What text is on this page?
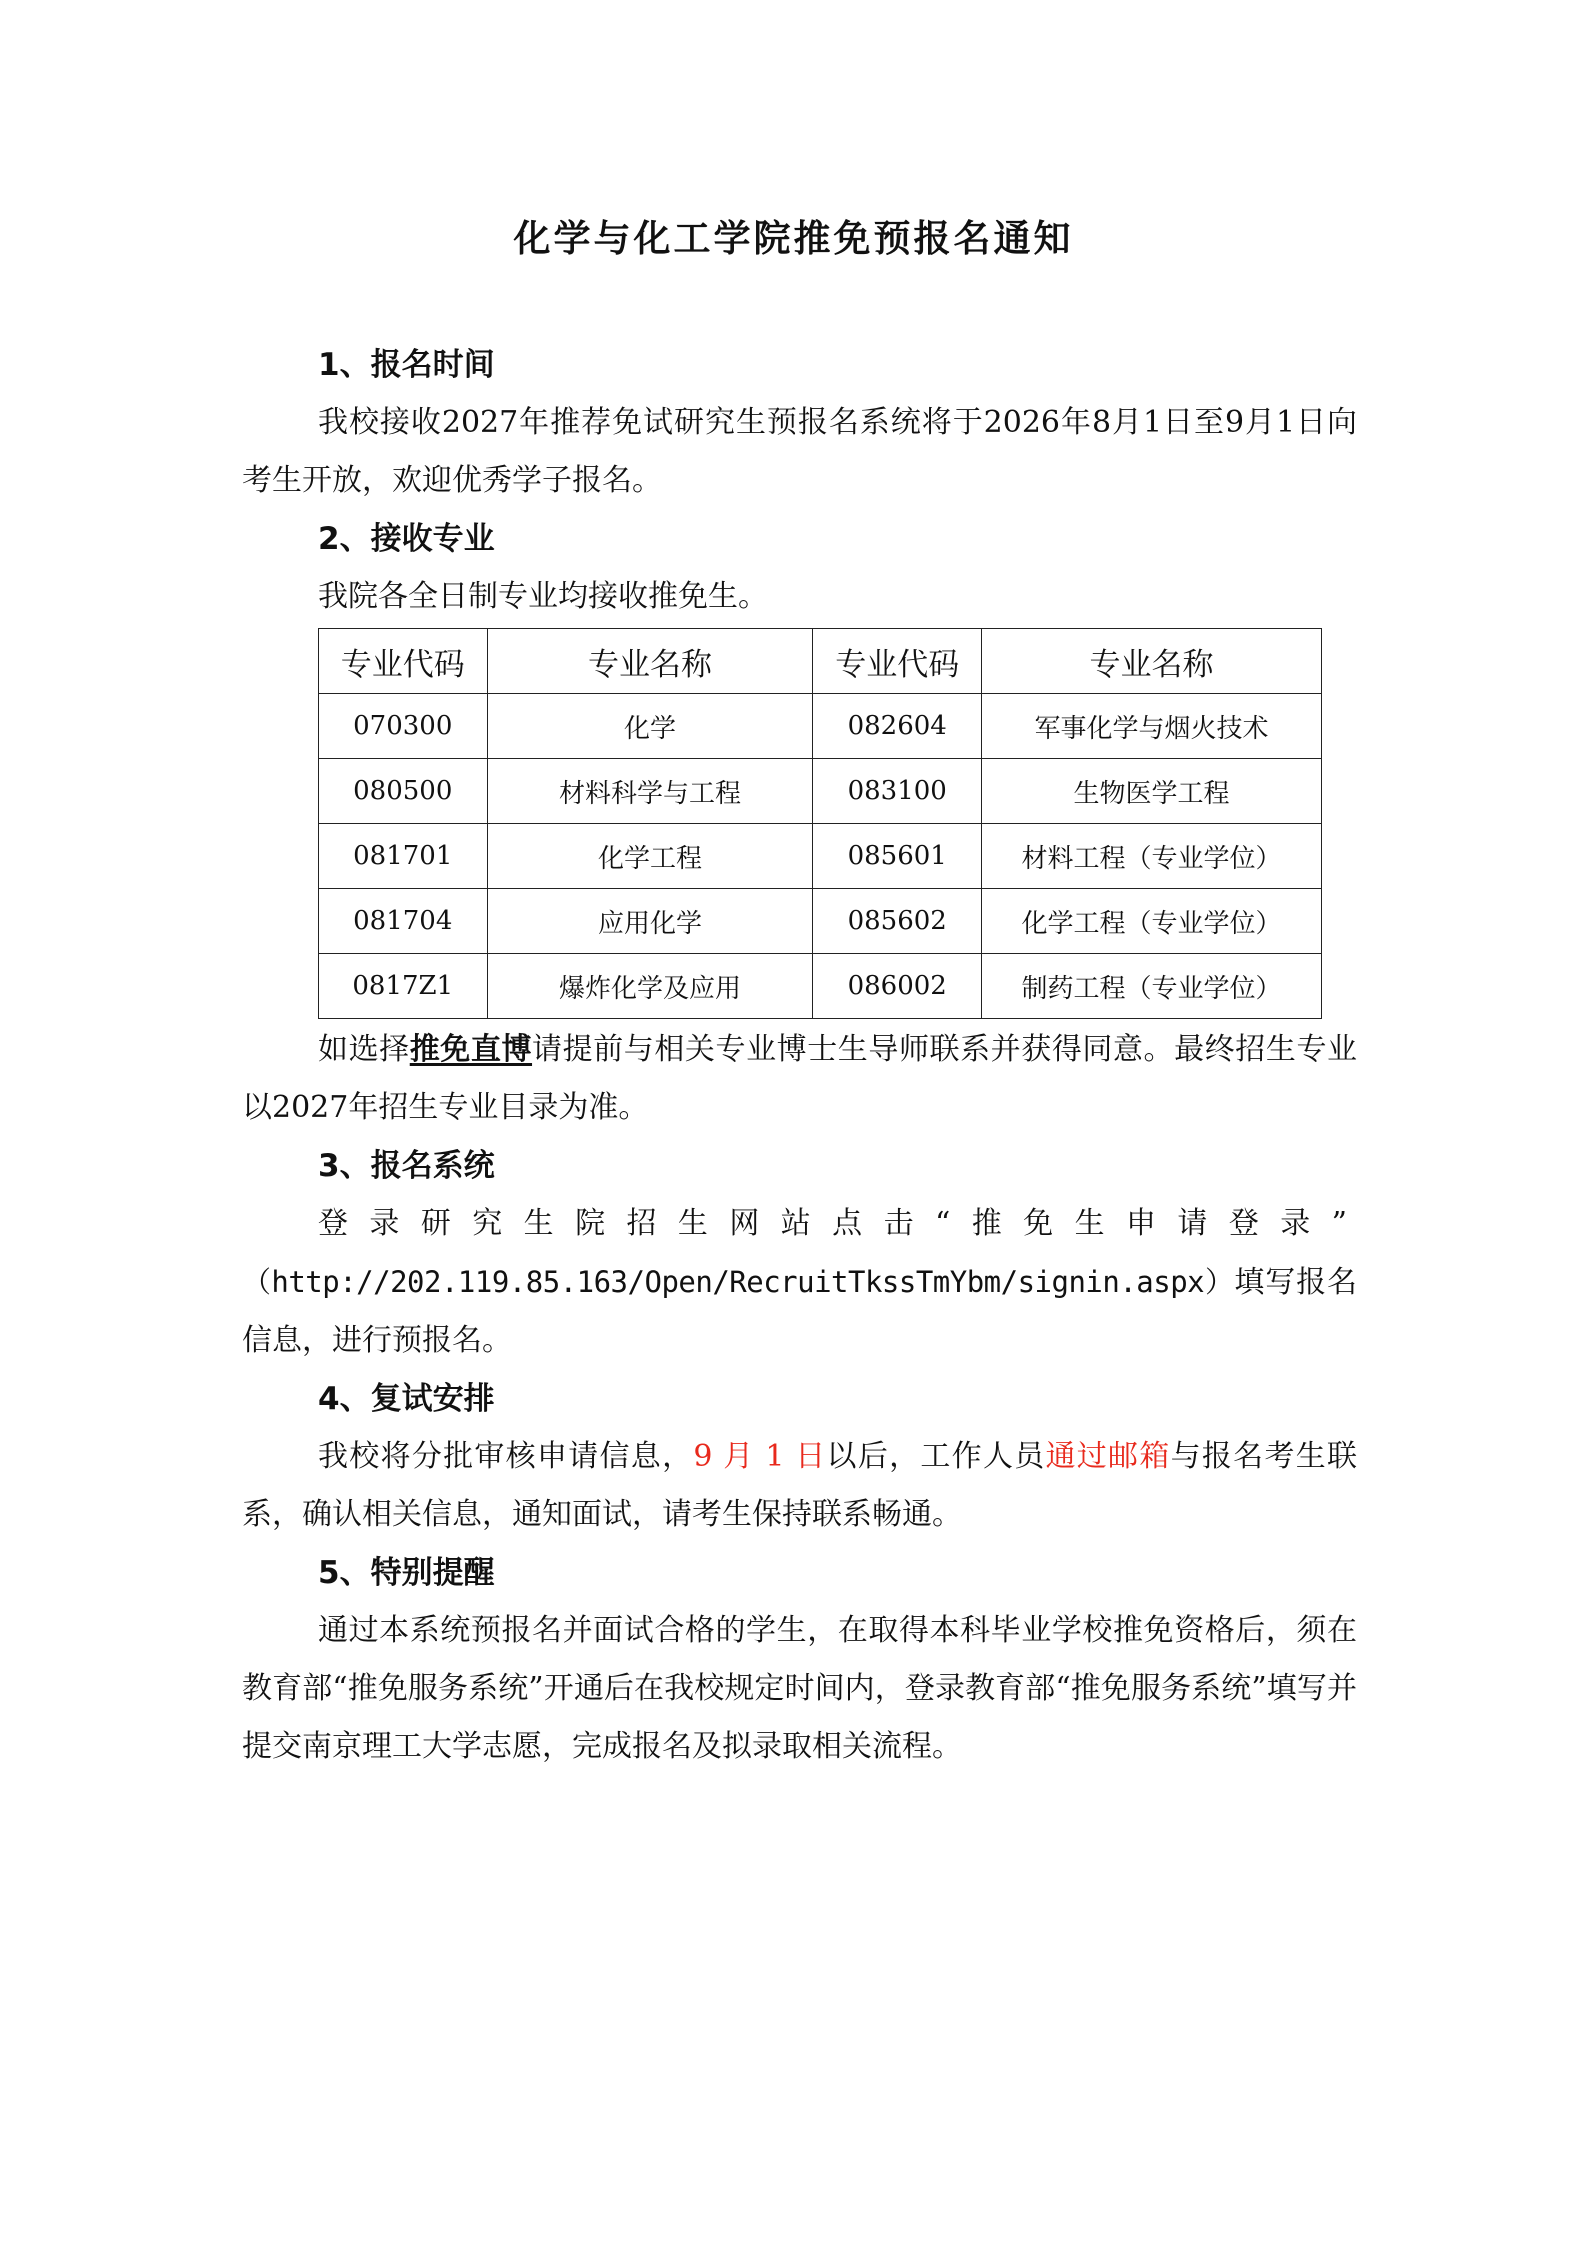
化学与化工学院推免预报名通知
1、报名时间

我校接收2027年推荐免试研究生预报名系统将于2026年8月1日至9月1日向考生开放，欢迎优秀学子报名。

2、接收专业

我院各全日制专业均接收推免生。

专业代码	专业名称	专业代码	专业名称
070300	化学	082604	军事化学与烟火技术
080500	材料科学与工程	083100	生物医学工程
081701	化学工程	085601	材料工程（专业学位）
081704	应用化学	085602	化学工程（专业学位）
0817Z1	爆炸化学及应用	086002	制药工程（专业学位）

如选择推免直博请提前与相关专业博士生导师联系并获得同意。最终招生专业以2027年招生专业目录为准。

3、报名系统

登录研究生院招生网站点击“推免生申请登录”

（http://202.119.85.163/Open/RecruitTkssTmYbm/signin.aspx）填写报名信息，进行预报名。

4、复试安排

我校将分批审核申请信息，9 月 1 日以后，工作人员通过邮箱与报名考生联系，确认相关信息，通知面试，请考生保持联系畅通。

5、特别提醒

通过本系统预报名并面试合格的学生，在取得本科毕业学校推免资格后，须在教育部“推免服务系统”开通后在我校规定时间内，登录教育部“推免服务系统”填写并提交南京理工大学志愿，完成报名及拟录取相关流程。
